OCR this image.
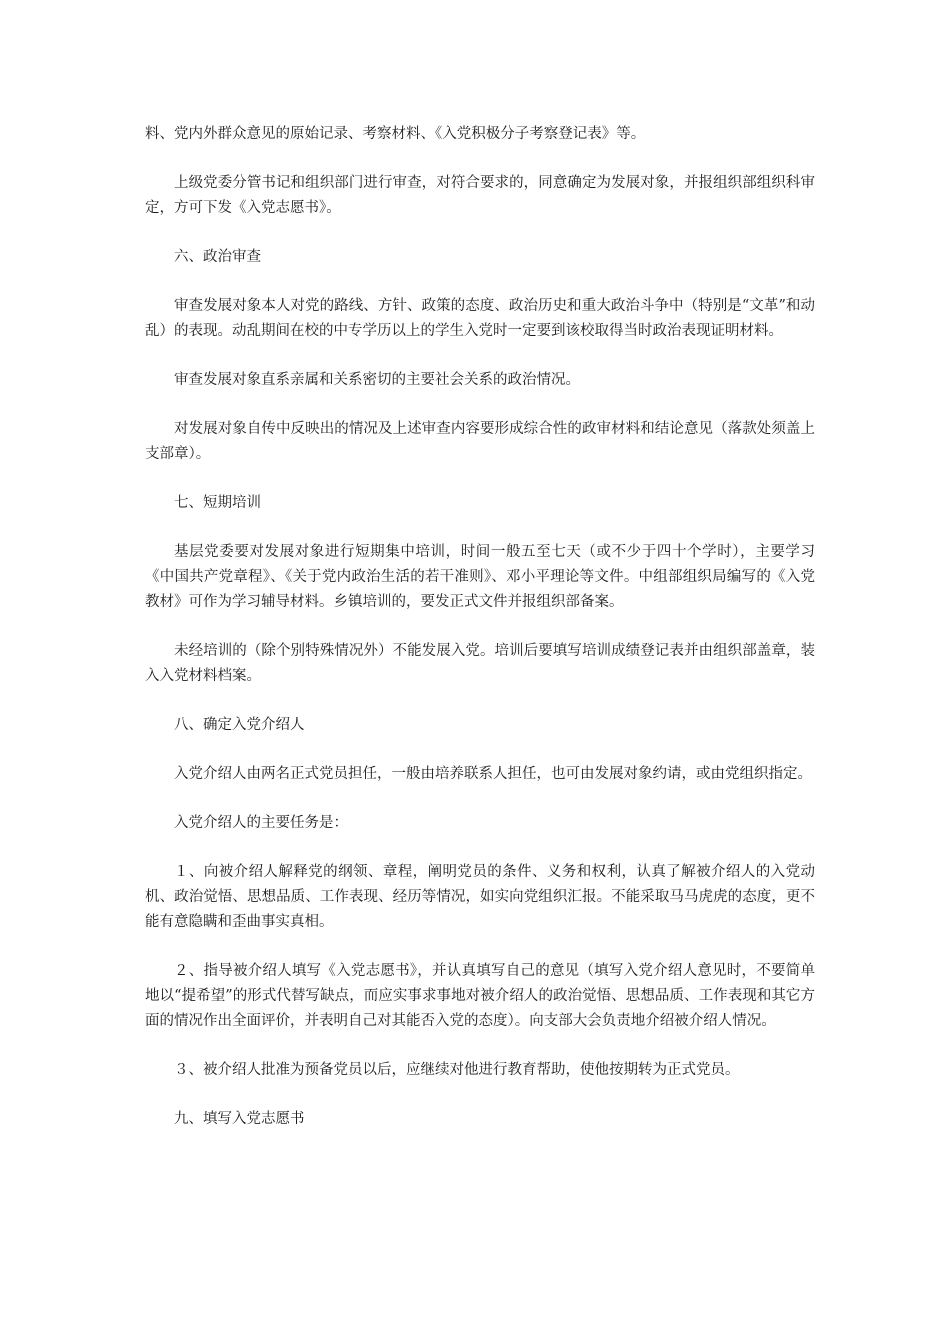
料、党内外群众意见的原始记录、考察材料、《入党积极分子考察登记表》等。

上级党委分管书记和组织部门进行审查，对符合要求的，同意确定为发展对象，并报组织部组织科审定，方可下发《入党志愿书》。

六、政治审查

审查发展对象本人对党的路线、方针、政策的态度、政治历史和重大政治斗争中（特别是“文革”和动乱）的表现。动乱期间在校的中专学历以上的学生入党时一定要到该校取得当时政治表现证明材料。

审查发展对象直系亲属和关系密切的主要社会关系的政治情况。

对发展对象自传中反映出的情况及上述审查内容要形成综合性的政审材料和结论意见（落款处须盖上支部章）。

七、短期培训

基层党委要对发展对象进行短期集中培训，时间一般五至七天（或不少于四十个学时），主要学习《中国共产党章程》、《关于党内政治生活的若干准则》、邓小平理论等文件。中组部组织局编写的《入党教材》可作为学习辅导材料。乡镇培训的，要发正式文件并报组织部备案。

未经培训的（除个别特殊情况外）不能发展入党。培训后要填写培训成绩登记表并由组织部盖章，装入入党材料档案。

八、确定入党介绍人

入党介绍人由两名正式党员担任，一般由培养联系人担任，也可由发展对象约请，或由党组织指定。

入党介绍人的主要任务是：

１、向被介绍人解释党的纲领、章程，阐明党员的条件、义务和权利，认真了解被介绍人的入党动机、政治觉悟、思想品质、工作表现、经历等情况，如实向党组织汇报。不能采取马马虎虎的态度，更不能有意隐瞒和歪曲事实真相。

２、指导被介绍人填写《入党志愿书》，并认真填写自己的意见（填写入党介绍人意见时，不要简单地以“提希望”的形式代替写缺点，而应实事求事地对被介绍人的政治觉悟、思想品质、工作表现和其它方面的情况作出全面评价，并表明自己对其能否入党的态度）。向支部大会负责地介绍被介绍人情况。

３、被介绍人批准为预备党员以后，应继续对他进行教育帮助，使他按期转为正式党员。

九、填写入党志愿书
